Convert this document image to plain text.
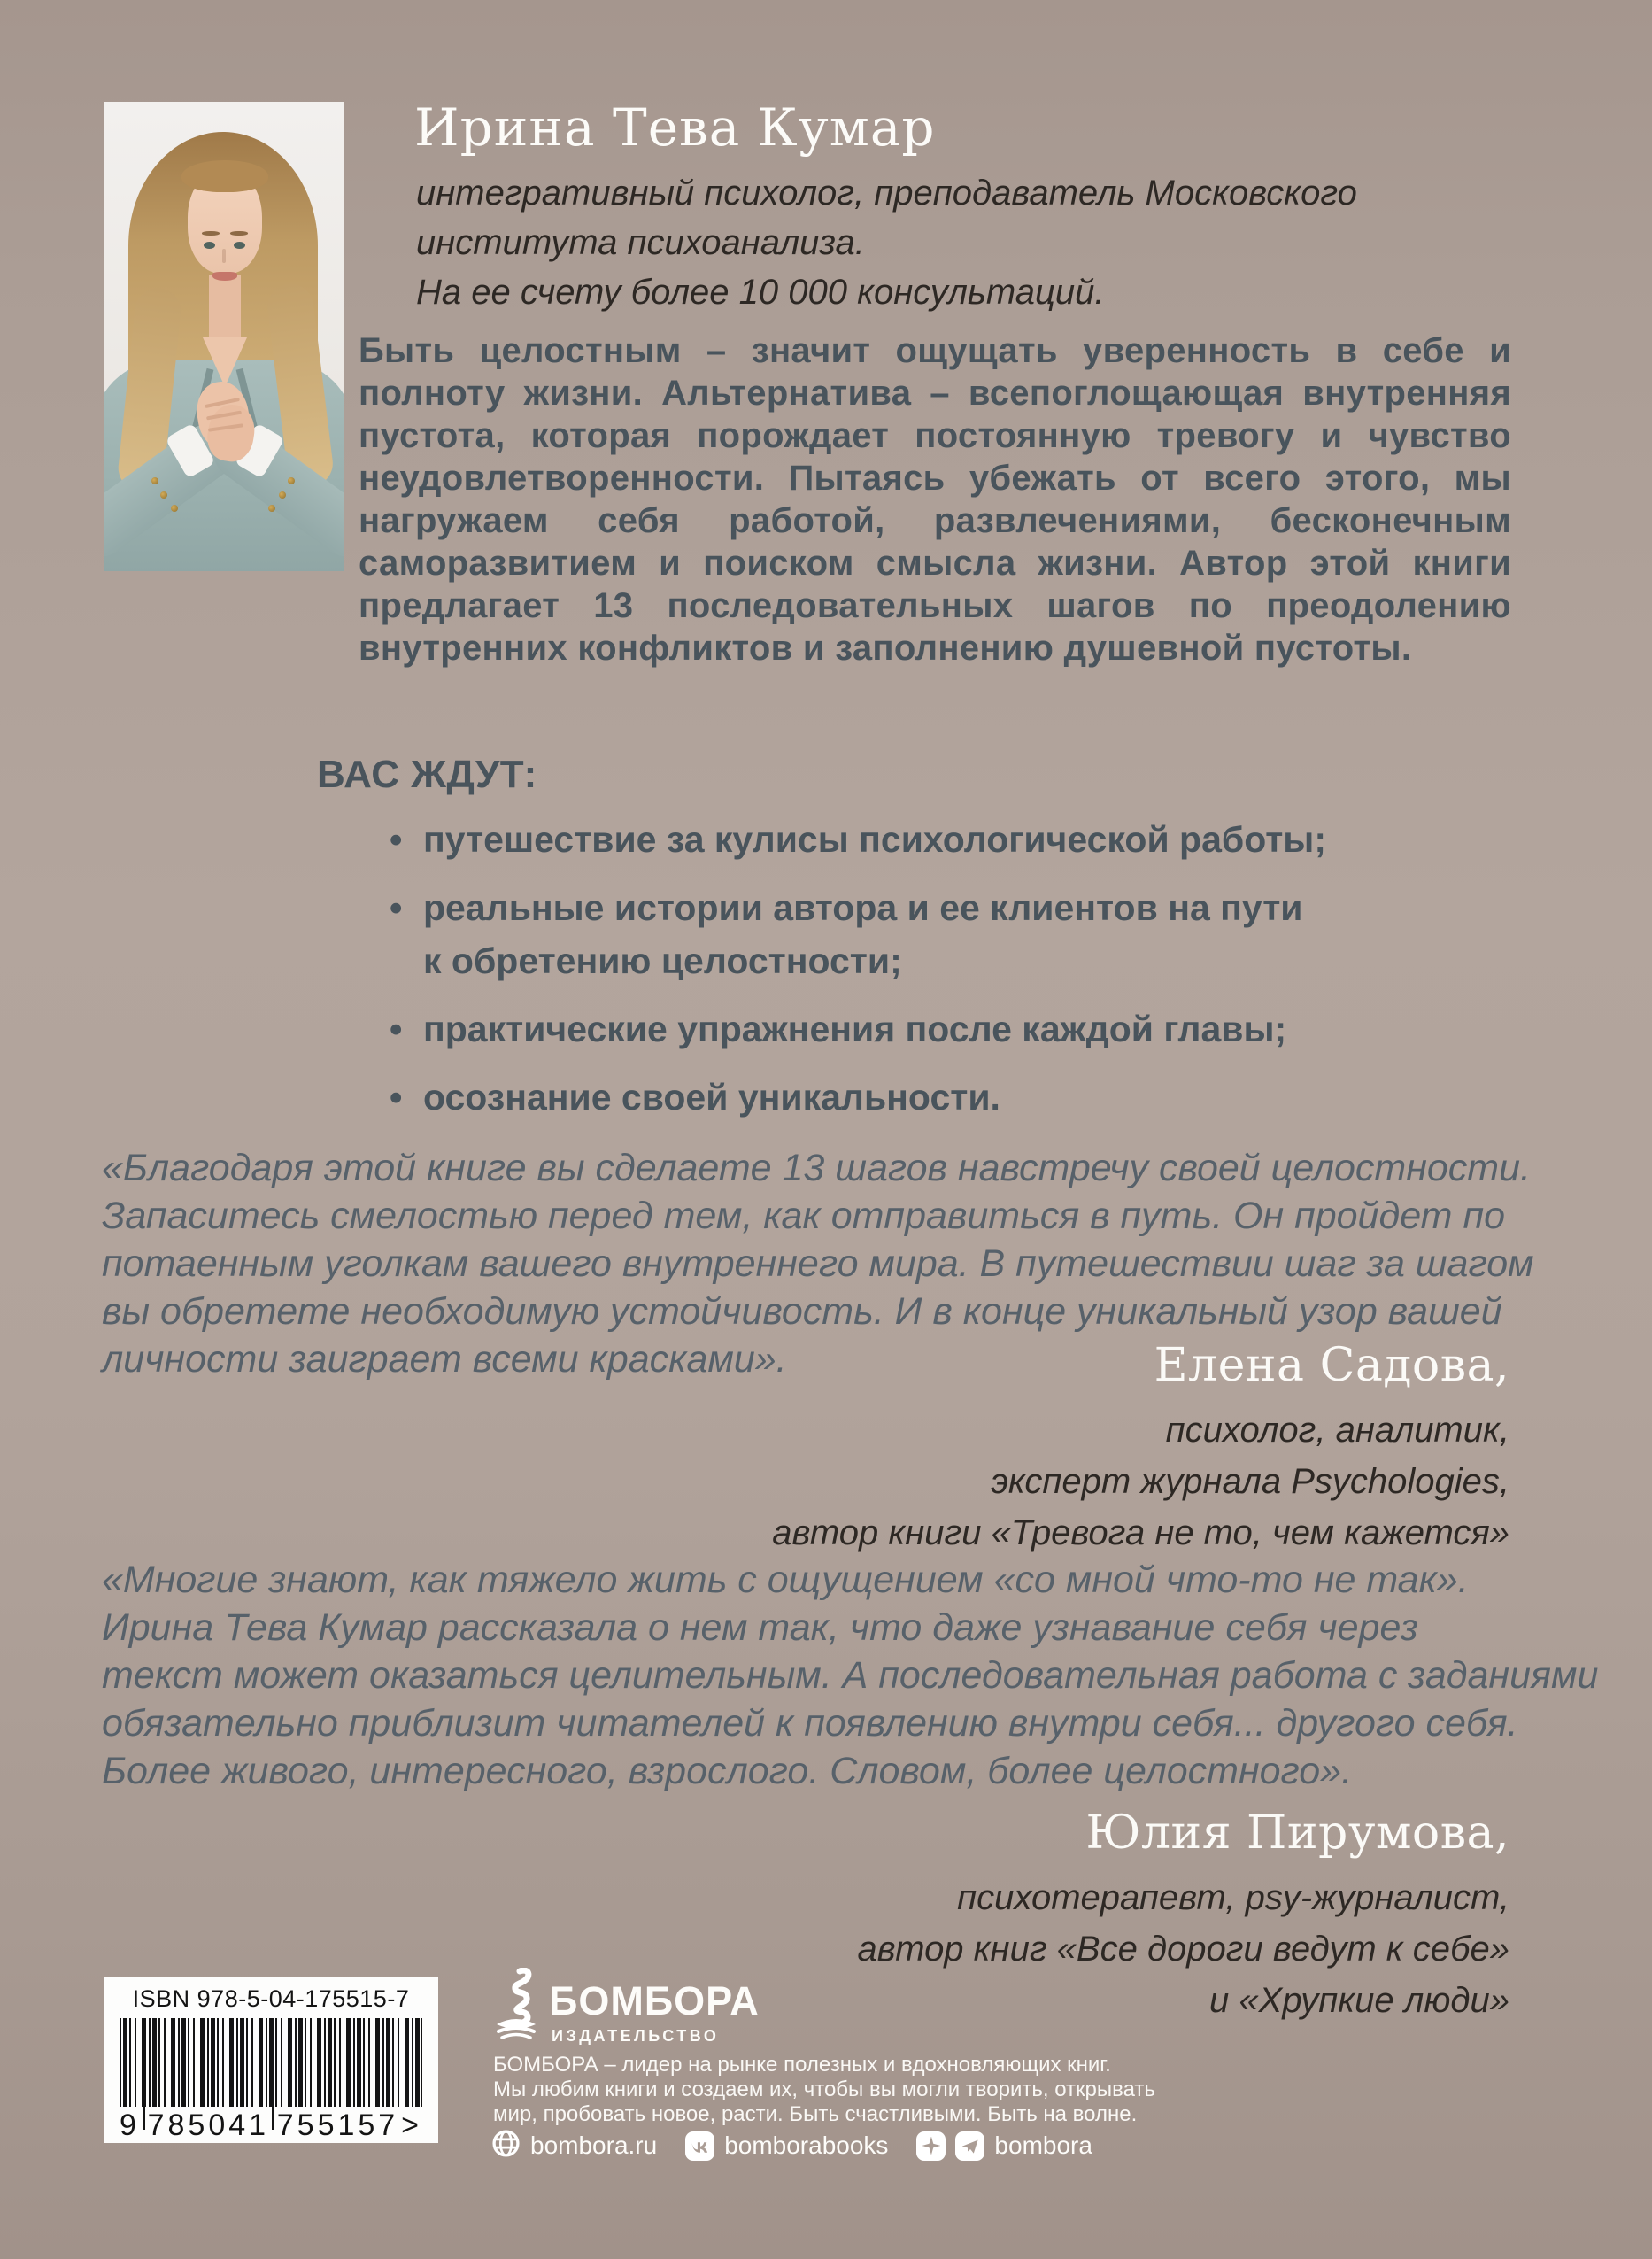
Ирина Тева Кумар
интегративный психолог, преподаватель Московского
института психоанализа.
На ее счету более 10 000 консультаций.
Быть целостным – значит ощущать уверенность в себе и полноту жизни. Альтернатива – всепоглощающая внутренняя пустота, которая порождает постоянную тревогу и чувство неудовлетворенности. Пытаясь убежать от всего этого, мы нагружаем себя работой, развлечениями, бесконечным саморазвитием и поиском смысла жизни. Автор этой книги предлагает 13 последовательных шагов по преодолению внутренних конфликтов и заполнению душевной пустоты.
ВАС ЖДУТ:
• путешествие за кулисы психологической работы;
• реальные истории автора и ее клиентов на пути
к обретению целостности;
• практические упражнения после каждой главы;
• осознание своей уникальности.
«Благодаря этой книге вы сделаете 13 шагов навстречу своей целостности.
Запаситесь смелостью перед тем, как отправиться в путь. Он пройдет по
потаенным уголкам вашего внутреннего мира. В путешествии шаг за шагом
вы обретете необходимую устойчивость. И в конце уникальный узор вашей
личности заиграет всеми красками».	Елена Садова,
психолог, аналитик,
эксперт журнала Psychologies,
автор книги «Тревога не то, чем кажется»
«Многие знают, как тяжело жить с ощущением «со мной что-то не так».
Ирина Тева Кумар рассказала о нем так, что даже узнавание себя через
текст может оказаться целительным. А последовательная работа с заданиями
обязательно приблизит читателей к появлению внутри себя... другого себя.
Более живого, интересного, взрослого. Словом, более целостного».
Юлия Пирумова,
психотерапевт, psy-журналист,
автор книг «Все дороги ведут к себе»
и «Хрупкие люди»
ISBN 978-5-04-175515-7
9 785041 755157 >
БОМБОРА
ИЗДАТЕЛЬСТВО
БОМБОРА – лидер на рынке полезных и вдохновляющих книг.
Мы любим книги и создаем их, чтобы вы могли творить, открывать
мир, пробовать новое, расти. Быть счастливыми. Быть на волне.
bombora.ru	bomborabooks	bombora
